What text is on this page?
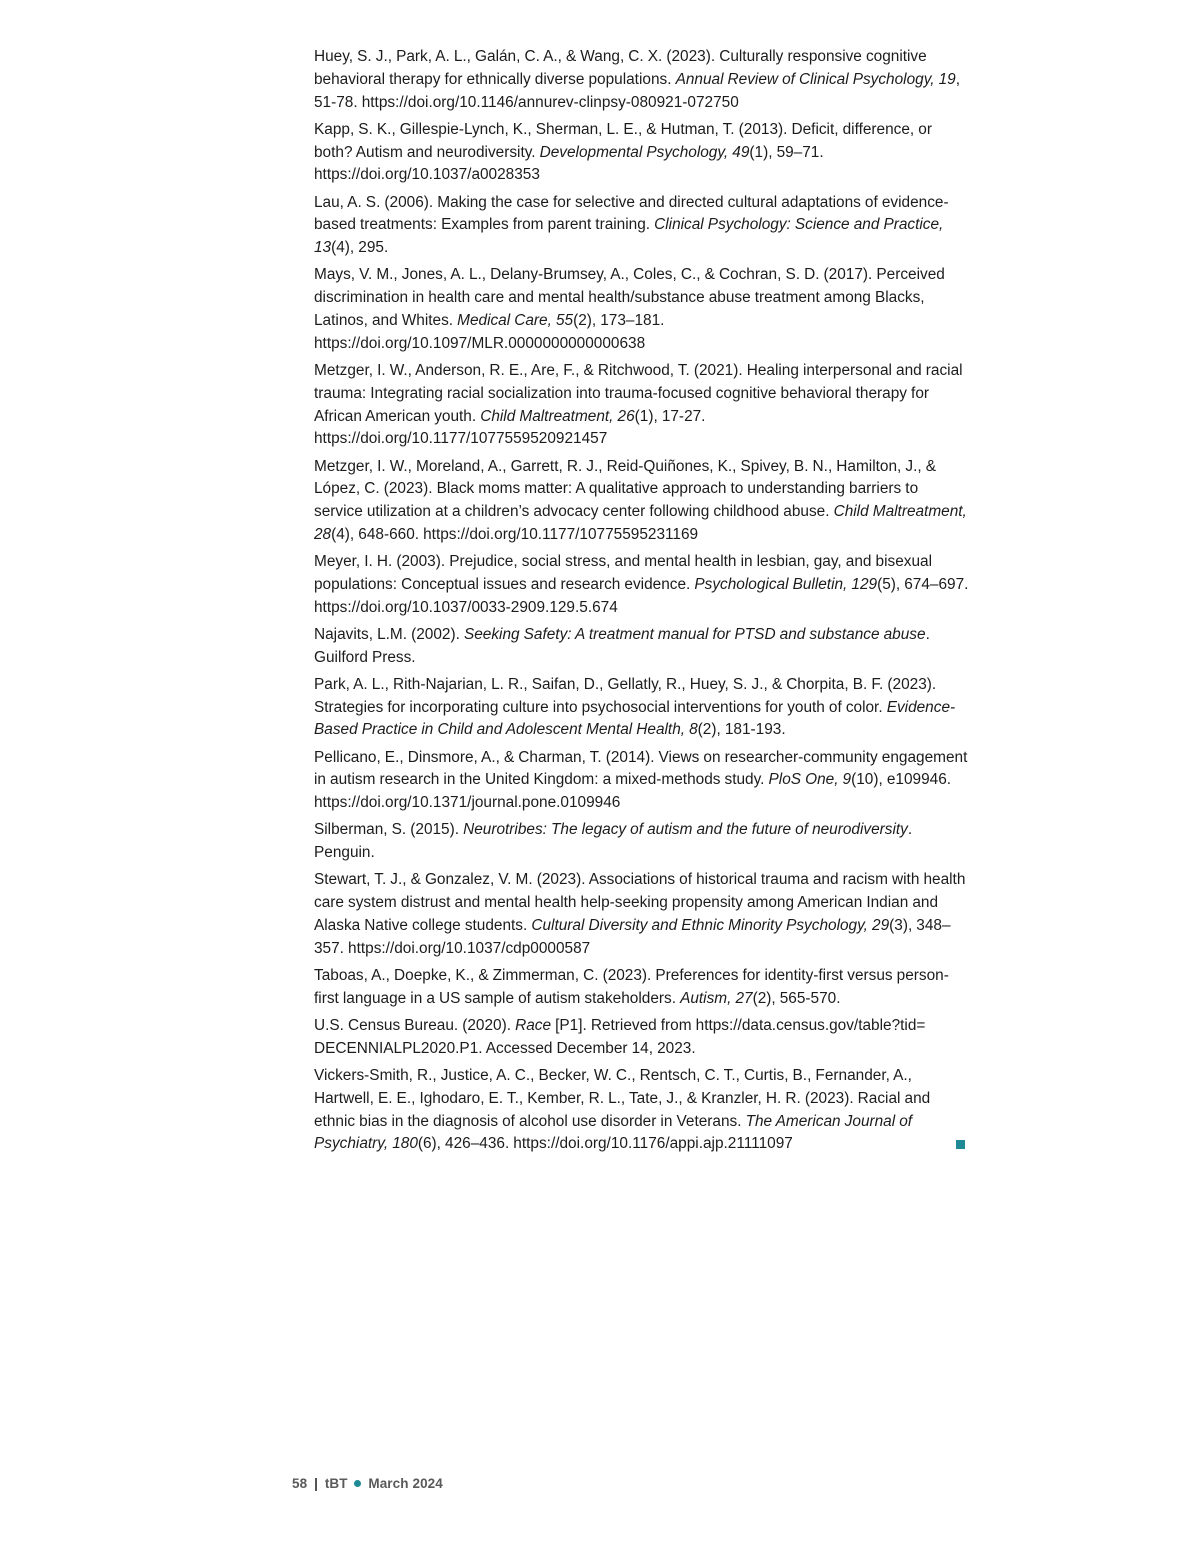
Huey, S. J., Park, A. L., Galán, C. A., & Wang, C. X. (2023). Culturally responsive cognitive behavioral therapy for ethnically diverse populations. Annual Review of Clinical Psychology, 19, 51-78. https://doi.org/10.1146/annurev-clinpsy-080921-072750

Kapp, S. K., Gillespie-Lynch, K., Sherman, L. E., & Hutman, T. (2013). Deficit, difference, or both? Autism and neurodiversity. Developmental Psychology, 49(1), 59–71. https://doi.org/10.1037/a0028353

Lau, A. S. (2006). Making the case for selective and directed cultural adaptations of evidence-based treatments: Examples from parent training. Clinical Psychology: Science and Practice, 13(4), 295.

Mays, V. M., Jones, A. L., Delany-Brumsey, A., Coles, C., & Cochran, S. D. (2017). Perceived discrimination in health care and mental health/substance abuse treatment among Blacks, Latinos, and Whites. Medical Care, 55(2), 173–181. https://doi.org/10.1097/MLR.0000000000000638

Metzger, I. W., Anderson, R. E., Are, F., & Ritchwood, T. (2021). Healing interpersonal and racial trauma: Integrating racial socialization into trauma-focused cognitive behavioral therapy for African American youth. Child Maltreatment, 26(1), 17-27. https://doi.org/10.1177/1077559520921457

Metzger, I. W., Moreland, A., Garrett, R. J., Reid-Quiñones, K., Spivey, B. N., Hamilton, J., & López, C. (2023). Black moms matter: A qualitative approach to understanding barriers to service utilization at a children’s advocacy center following childhood abuse. Child Maltreatment, 28(4), 648-660. https://doi.org/10.1177/10775595231169

Meyer, I. H. (2003). Prejudice, social stress, and mental health in lesbian, gay, and bisexual populations: Conceptual issues and research evidence. Psychological Bulletin, 129(5), 674–697. https://doi.org/10.1037/0033-2909.129.5.674

Najavits, L.M. (2002). Seeking Safety: A treatment manual for PTSD and substance abuse. Guilford Press.

Park, A. L., Rith-Najarian, L. R., Saifan, D., Gellatly, R., Huey, S. J., & Chorpita, B. F. (2023). Strategies for incorporating culture into psychosocial interventions for youth of color. Evidence-Based Practice in Child and Adolescent Mental Health, 8(2), 181-193.

Pellicano, E., Dinsmore, A., & Charman, T. (2014). Views on researcher-community engagement in autism research in the United Kingdom: a mixed-methods study. PloS One, 9(10), e109946. https://doi.org/10.1371/journal.pone.0109946

Silberman, S. (2015). Neurotribes: The legacy of autism and the future of neurodiversity. Penguin.

Stewart, T. J., & Gonzalez, V. M. (2023). Associations of historical trauma and racism with health care system distrust and mental health help-seeking propensity among American Indian and Alaska Native college students. Cultural Diversity and Ethnic Minority Psychology, 29(3), 348–357. https://doi.org/10.1037/cdp0000587

Taboas, A., Doepke, K., & Zimmerman, C. (2023). Preferences for identity-first versus person-first language in a US sample of autism stakeholders. Autism, 27(2), 565-570.

U.S. Census Bureau. (2020). Race [P1]. Retrieved from https://data.census.gov/table?tid= DECENNIALPL2020.P1. Accessed December 14, 2023.

Vickers-Smith, R., Justice, A. C., Becker, W. C., Rentsch, C. T., Curtis, B., Fernander, A., Hartwell, E. E., Ighodaro, E. T., Kember, R. L., Tate, J., & Kranzler, H. R. (2023). Racial and ethnic bias in the diagnosis of alcohol use disorder in Veterans. The American Journal of Psychiatry, 180(6), 426–436. https://doi.org/10.1176/appi.ajp.21111097

58 | tBT March 2024
